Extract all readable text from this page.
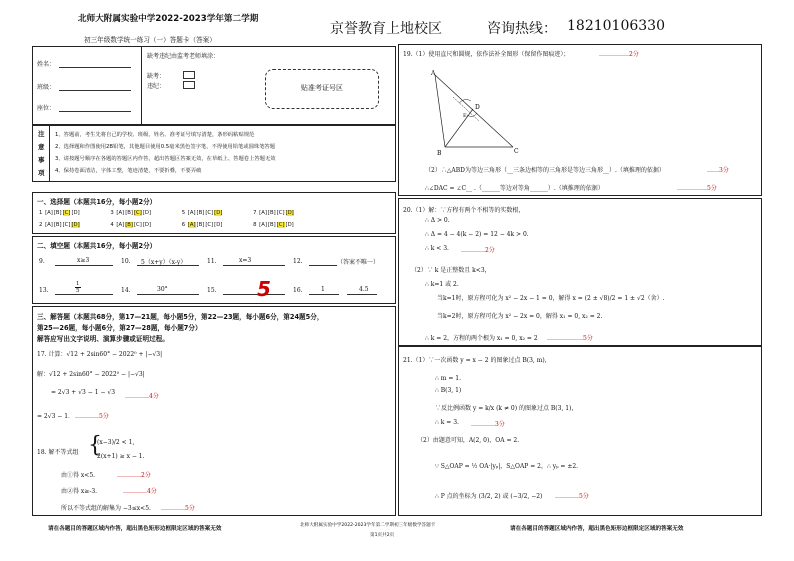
北师大附属实验中学2022-2023学年第二学期
初三年级数学统一练习（一）答题卡（答案）
京誉教育上地校区	咨询热线： 18210106330
姓名：
班级：
座位：
缺考违纪由监考老师填涂：
缺考：
违纪：	贴准考证号区
注
意
事
项
1、答题前，考生先将自己的学校、班级、姓名、准考证号填写清楚，条形码粘贴规范
2、选择题和作图使用2B铅笔，其他题目使用0.5毫米黑色签字笔，不得使用铅笔或圆珠笔答题
3、请按题号顺序在各题的答题区内作答，超出答题区答案无效，在草纸上、答题卷上答题无效
4、保持卷面清洁，字体工整，笔迹清楚，不要折叠，不要弄破
一、选择题（本题共16分，每小题2分）
1 [A][B][C][D]	3 [A][B][C][D]	5 [A][B][C][D]	7 [A][B][C][D]
2 [A][B][C][D]	4 [A][B][C][D]	6 [A][B][C][D]	8 [A][B][C][D]
二、填空题（本题共16分，每小题2分）
9.	x≥3	10. 5（x+y）（x-y）	11.	x=3	12.	（答案不唯一）
13.	$\frac{1}{5}$	14.	30°	15. 5	16.	1	4.5
三、解答题（本题共68分，第17—21题，每小题5分，第22—23题，每小题6分，第24题5分，
第25—26题，每小题6分，第27—28题，每小题7分）
解答应写出文字说明、演算步骤或证明过程。
17. 计算：√12 + 2sin60° − 2022⁰ + |−√3|
解：√12 + 2sin60° − 2022⁰ − |−√3|
= 2√3 + √3 − 1 − √3
…………4分
= 2√3 − 1． …………5分
18. 解不等式组 {
(x−3)/2 < 1,
2(x+1) ≥ x − 1.
由①得 x<5.	…………2分
由②得 x≥-3.	…………4分
所以不等式组的解集为 −3≤x<5. …………5分
19.（1）使用直尺和圆规，依作法补全图形（保留作图痕迹）；	……………2分
A
B
D
C
E
（2）∴△ABD为等边三角形（__三条边相等的三角形是等边三角形__）.（填推理的依据）	……3分
∴∠DAC = ∠C__ .（______等边对等角______）.（填推理的依据）	……………5分
20.（1）解：∵方程有两个不相等的实数根，
∴ Δ > 0.
∴ Δ = 4 − 4(k − 2) = 12 − 4k > 0.
∴ k < 3. …………2分
（2）∵ k 是正整数且 k<3，
∴ k=1 或 2.
当k=1时，原方程可化为 x² − 2x − 1 = 0，解得 x = (2 ± √8)/2 = 1 ± √2（舍）.
当k=2时，原方程可化为 x² − 2x = 0，解得 x₁ = 0, x₂ = 2.
∴ k = 2，方程的两个根为 x₁ = 0, x₂ = 2 ………………5分
21.（1）∵一次函数 y = x − 2 的图象过点 B(3, m)，
∴ m = 1.
∴ B(3, 1)
∵反比例函数 y = k/x (k ≠ 0) 的图象过点 B(3, 1)，
∴ k = 3. …………3分
（2）由题意可知，A(2, 0)，OA = 2.
∵ S△OAP = ½ OA·|yₚ|，S△OAP = 2，∴ yₚ = ±2.
∴ P 点的坐标为 (3/2, 2) 或 (−3/2, −2) …………5分
请在各题目的答题区域内作答，超出黑色矩形边框限定区域的答案无效
北师大附属实验中学2022-2023学年第二学期初三年级数学答题卡
第1页共2页
请在各题目的答题区域内作答，超出黑色矩形边框限定区域的答案无效
